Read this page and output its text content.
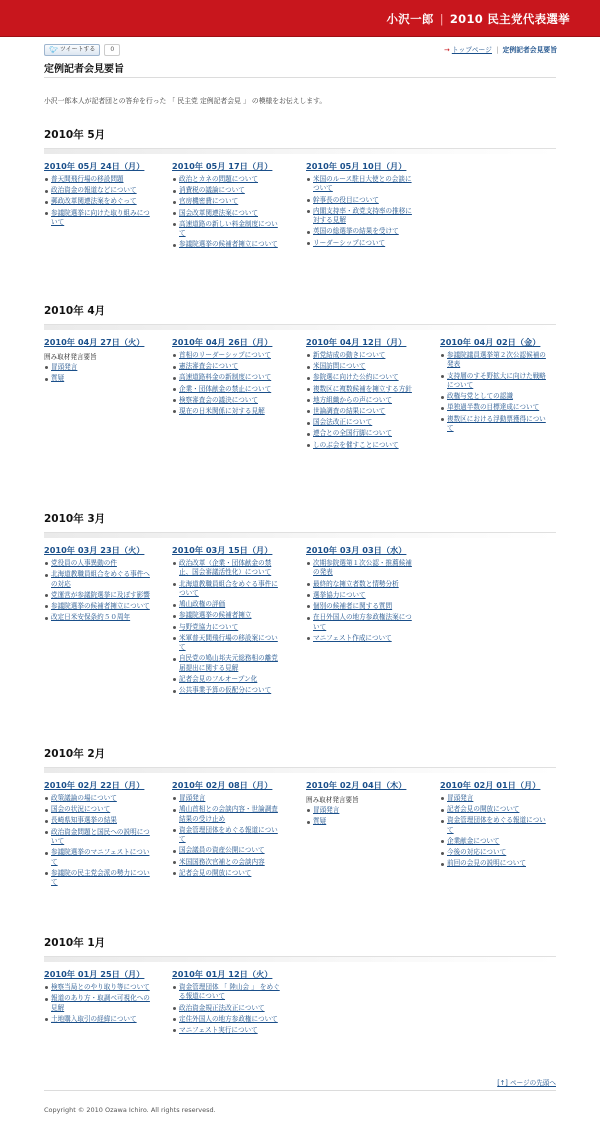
小沢一郎 | 2010 民主党代表選挙
🐦︎ ツイートする	0	→ トップページ | 定例記者会見要旨
定例記者会見要旨
小沢一郎本人が記者団との答弁を行った 「 民主党 定例記者会見 」 の模様をお伝えします。
2010年 5月
2010年 05月 24日（月）
普天間飛行場の移設問題
政治資金の報道などについて
郵政改革関連法案をめぐって
参議院選挙に向けた取り組みについて
2010年 05月 17日（月）
政治とカネの問題について
消費税の議論について
官房機密費について
国会改革関連法案について
高速道路の新しい料金制度について
参議院選挙の候補者擁立について
2010年 05月 10日（月）
米国のルース駐日大使との会談について
幹事長の役目について
内閣支持率・政党支持率の推移に対する見解
英国の総選挙の結果を受けて
リーダーシップについて
2010年 4月
2010年 04月 27日（火）
囲み取材発言要旨
冒頭発言
質疑
2010年 04月 26日（月）
首相のリーダーシップについて
憲法審査会について
高速道路料金の新制度について
企業・団体献金の禁止について
検察審査会の議決について
現在の日米関係に対する見解
2010年 04月 12日（月）
新党結成の動きについて
米国訪問について
参院選に向けた公約について
複数区に複数候補を擁立する方針
地方組織からの声について
世論調査の結果について
国会法改正について
連合との全国行脚について
しのぶ会を催すことについて
2010年 04月 02日（金）
参議院議員選挙第２次公認候補の発表
支持層のすそ野拡大に向けた戦略について
政権与党としての認識
単独過半数の目標達成について
複数区における浮動票獲得について
2010年 3月
2010年 03月 23日（火）
党役員の人事異動の件
北海道教職員組合をめぐる事件への対応
党運営が参議院選挙に及ぼす影響
参議院選挙の候補者擁立について
改定日米安保条約５０周年
2010年 03月 15日（月）
政治改革（企業・団体献金の禁止、国会審議活性化）について
北海道教職員組合をめぐる事件について
鳩山政権の評価
参議院選挙の候補者擁立
与野党協力について
米軍普天間飛行場の移設案について
自民党の鳩山邦夫元総務相の離党届提出に関する見解
記者会見のフルオープン化
公共事業予算の仮配分について
2010年 03月 03日（水）
次期参院選第１次公認・推薦候補の発表
最終的な擁立者数と情勢分析
選挙協力について
個別の候補者に関する質問
在日外国人の地方参政権法案について
マニフェスト作成について
2010年 2月
2010年 02月 22日（月）
政策議論の場について
国会の状況について
長崎県知事選挙の結果
政治資金問題と国民への説明について
参議院選挙のマニフェストについて
参議院の民主党会派の勢力について
2010年 02月 08日（月）
冒頭発言
鳩山首相との会談内容・世論調査結果の受け止め
資金管理団体をめぐる報道について
国会議員の資産公開について
米国国務次官補との会談内容
記者会見の開放について
2010年 02月 04日（木）
囲み取材発言要旨
冒頭発言
質疑
2010年 02月 01日（月）
冒頭発言
記者会見の開放について
資金管理団体をめぐる報道について
企業献金について
今後の対応について
前回の会見の説明について
2010年 1月
2010年 01月 25日（月）
検察当局とのやり取り等について
報道のあり方・取調べ可視化への見解
土地購入取引の経緯について
2010年 01月 12日（火）
資金管理団体 「 陸山会 」 をめぐる報道について
政治資金規正法改正について
定住外国人の地方参政権について
マニフェスト実行について
[↑] ページの先頭へ
Copyright © 2010 Ozawa Ichiro. All rights reservesd.
